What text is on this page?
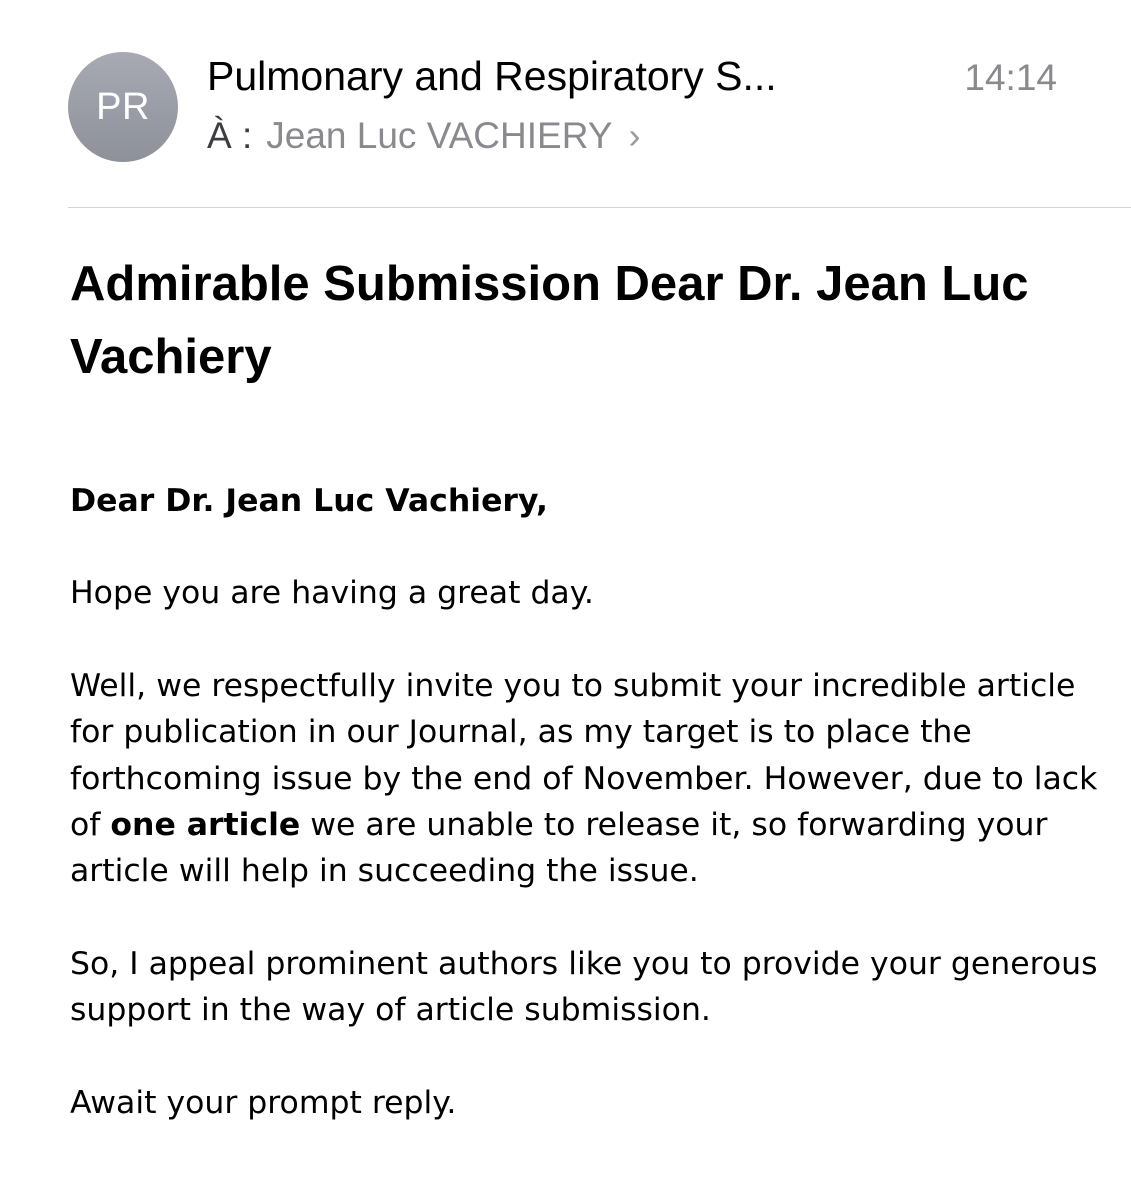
PR
Pulmonary and Respiratory S...	14:14
À : Jean Luc VACHIERY ›
Admirable Submission Dear Dr. Jean Luc Vachiery

Dear Dr. Jean Luc Vachiery,

Hope you are having a great day.

Well, we respectfully invite you to submit your incredible article for publication in our Journal, as my target is to place the forthcoming issue by the end of November. However, due to lack of one article we are unable to release it, so forwarding your article will help in succeeding the issue.

So, I appeal prominent authors like you to provide your generous support in the way of article submission.

Await your prompt reply.
